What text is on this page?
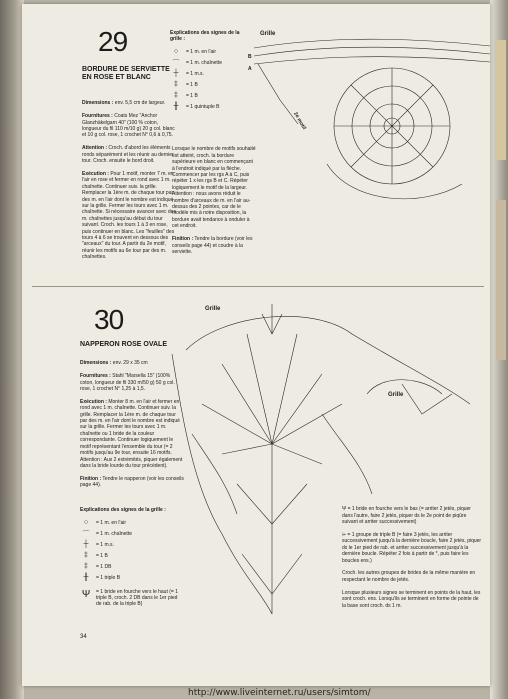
29
BORDURE DE SERVIETTE EN ROSE ET BLANC

Dimensions : env. 5,5 cm de largeur.

Fournitures : Coats Mez "Anchor Glanzhäkelgarn 40" (100 % coton, longueur du fil 110 m/10 g) 20 g col. blanc et 10 g col. rose, 1 crochet N° 0,6 à 0,75.

Attention : Croch. d'abord les éléments ronds séparément et les réunir au dernier tour. Croch. ensuite le bord droit.

Exécution : Pour 1 motif, monter 7 m. en l'air en rose et fermer en rond avec 1 m. chaînette. Continuer suiv. la grille. Remplacer la 1ère m. de chaque tour par des m. en l'air dont le nombre est indiqué sur la grille. Fermer les tours avec 1 m. chaînette. Si nécessaire avancer avec des m. chaînettes jusqu'au début du tour suivant. Croch. les tours 1 à 3 en rose, puis continuer en blanc. Les "feuilles" des tours 4 à 6 se trouvent en dessous des "arceaux" du tour. A partir du 2e motif, réunir les motifs au 6e tour par des m. chaînettes.

Explications des signes de la grille :
○	= 1 m. en l'air
⌒	= 1 m. chaînette
┼	= 1 m.s.
‡	= 1 B
‡	= 1 B
╫	= 1 quintuple B

Lorsque le nombre de motifs souhaité est atteint, croch. la bordure supérieure en blanc en commençant à l'endroit indiqué par la flèche. Commencer par les rgs A à C, puis répéter 1 x les rgs B et C. Répéter logiquement le motif de la largeur. Attention : nous avons réduit le nombre d'arceaux de m. en l'air au-dessus des 2 pointes, car de le modèle mis à notre disposition, la bordure avait tendance à onduler à cet endroit.

Finition : Tendre la bordure (voir les conseils page 44) et coudre à la serviette.

Grille
B
A
2e motif
30
NAPPERON ROSE OVALE

Dimensions : env. 29 x 35 cm

Fournitures : Stahl "Marsella 15" (100% coton, longueur de fil 330 m/50 g) 50 g col. rose, 1 crochet N° 1,25 à 1,5.

Exécution : Monter 8 m. en l'air et fermer en rond avec 1 m. chaînette. Continuer suiv. la grille. Remplacer la 1ère m. de chaque tour par des m. en l'air dont le nombre est indiqué sur la grille. Fermer les tours avec 1 m. chaînette ou 1 bride de la couleur correspondante. Continuer logiquement le motif représentant l'ensemble du tour (= 2 motifs jusqu'au 9e tour, ensuite 16 motifs. Attention : Aux 2 extrémités, piquer également dans la bride lourde du tour précédent).

Finition : Tendre le napperon (voir les conseils page 44).

Explications des signes de la grille :
○	= 1 m. en l'air
⌒	= 1 m. chaînette
┼	= 1 m.s.
‡	= 1 B
‡	= 1 DB
╫	= 1 triple B
Ψ	= 1 bride en fourche vers le haut (= 1 triple B, croch. 2 DB dans le 1er pied de rab. de la triple B)
Grille
Grille

Ψ = 1 bride en fourche vers le bas (= arriter 2 jetés, piquer dans l'autre, faire 2 jetés, piquer ds le 2e point de piqûre suivant et arriter successivement)

⩥ = 1 groupe de triple B (= faire 3 jetés, les arriter successivement jusqu'à la dernière boucle, faire 2 jetés, piquer ds le 1er pied de rab. et arriter successivement jusqu'à la dernière boucle. Répéter 2 fois à partir de *, puis faire les boucles ens.)

Croch. les autres groupes de brides de la même manière en respectant le nombre de jetés.

Lorsque plusieurs signes se terminent en points de la haut, les sont croch. ens. Lorsqu'ils se terminent en forme de pointe de la base sont croch. ds 1 m.

34
http://www.liveinternet.ru/users/simtom/
